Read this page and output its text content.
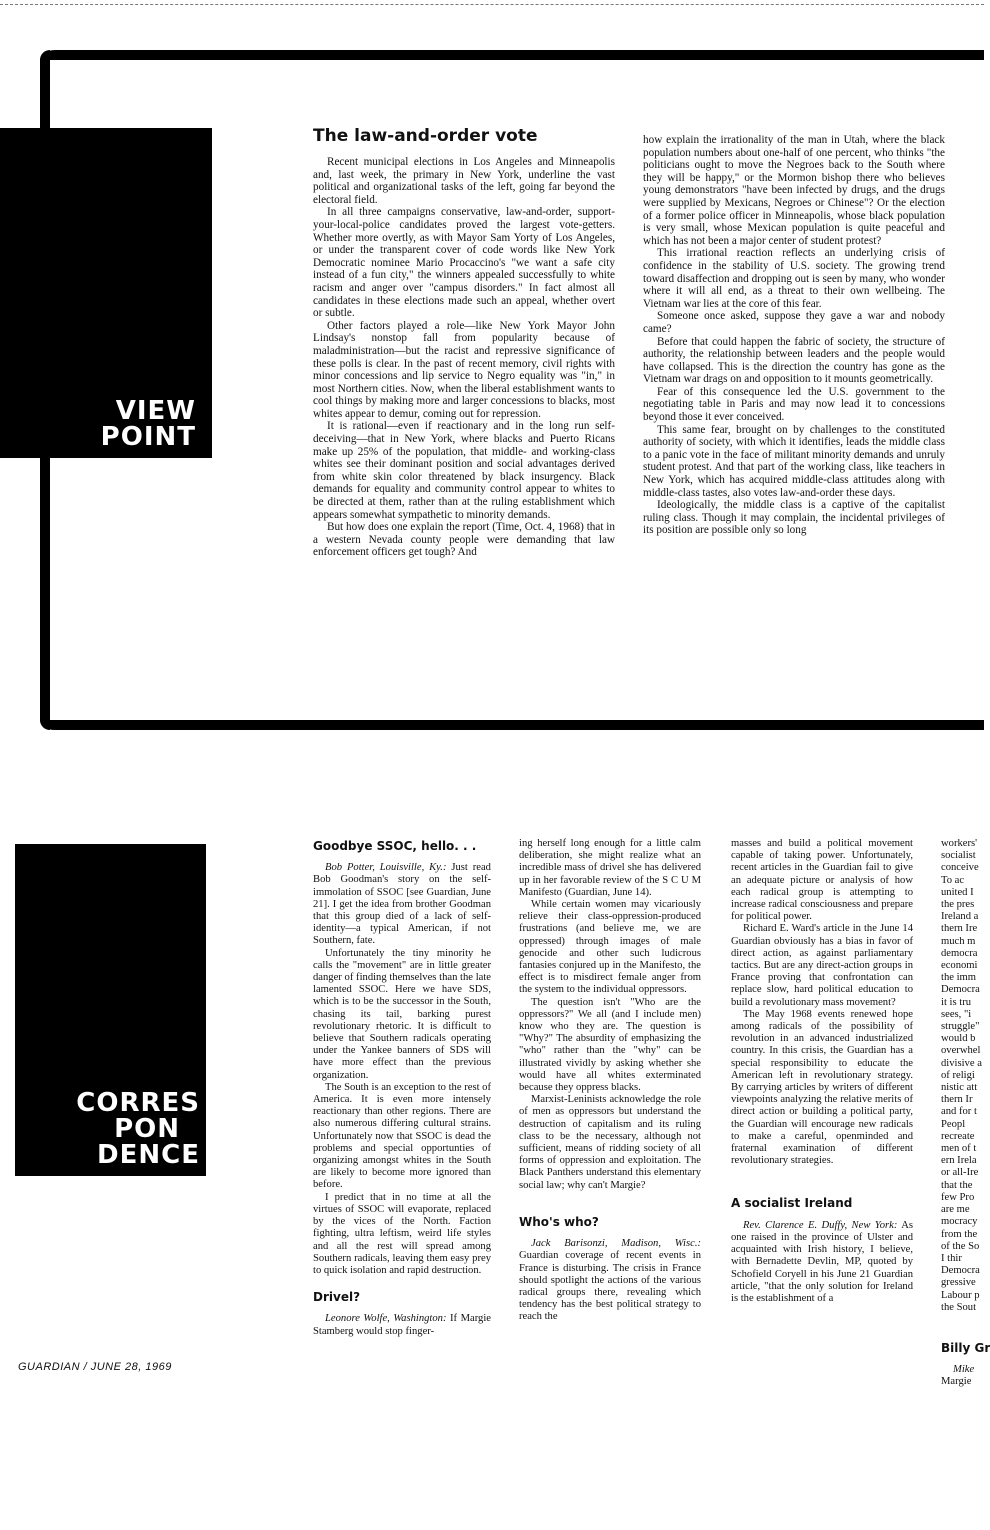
VIEW
POINT
The law-and-order vote

Recent municipal elections in Los Angeles and Minneapolis and, last week, the primary in New York, underline the vast political and organizational tasks of the left, going far beyond the electoral field.

In all three campaigns conservative, law-and-order, support-your-local-police candidates proved the largest vote-getters. Whether more overtly, as with Mayor Sam Yorty of Los Angeles, or under the transparent cover of code words like New York Democratic nominee Mario Procaccino's "we want a safe city instead of a fun city," the winners appealed successfully to white racism and anger over "campus disorders." In fact almost all candidates in these elections made such an appeal, whether overt or subtle.

Other factors played a role—like New York Mayor John Lindsay's nonstop fall from popularity because of maladministration—but the racist and repressive significance of these polls is clear. In the past of recent memory, civil rights with minor concessions and lip service to Negro equality was "in," in most Northern cities. Now, when the liberal establishment wants to cool things by making more and larger concessions to blacks, most whites appear to demur, coming out for repression.

It is rational—even if reactionary and in the long run self-deceiving—that in New York, where blacks and Puerto Ricans make up 25% of the population, that middle- and working-class whites see their dominant position and social advantages derived from white skin color threatened by black insurgency. Black demands for equality and community control appear to whites to be directed at them, rather than at the ruling establishment which appears somewhat sympathetic to minority demands.

But how does one explain the report (Time, Oct. 4, 1968) that in a western Nevada county people were demanding that law enforcement officers get tough? And

how explain the irrationality of the man in Utah, where the black population numbers about one-half of one percent, who thinks "the politicians ought to move the Negroes back to the South where they will be happy," or the Mormon bishop there who believes young demonstrators "have been infected by drugs, and the drugs were supplied by Mexicans, Negroes or Chinese"? Or the election of a former police officer in Minneapolis, whose black population is very small, whose Mexican population is quite peaceful and which has not been a major center of student protest?

This irrational reaction reflects an underlying crisis of confidence in the stability of U.S. society. The growing trend toward disaffection and dropping out is seen by many, who wonder where it will all end, as a threat to their own wellbeing. The Vietnam war lies at the core of this fear.

Someone once asked, suppose they gave a war and nobody came?

Before that could happen the fabric of society, the structure of authority, the relationship between leaders and the people would have collapsed. This is the direction the country has gone as the Vietnam war drags on and opposition to it mounts geometrically.

Fear of this consequence led the U.S. government to the negotiating table in Paris and may now lead it to concessions beyond those it ever conceived.

This same fear, brought on by challenges to the constituted authority of society, with which it identifies, leads the middle class to a panic vote in the face of militant minority demands and unruly student protest. And that part of the working class, like teachers in New York, which has acquired middle-class attitudes along with middle-class tastes, also votes law-and-order these days.

Ideologically, the middle class is a captive of the capitalist ruling class. Though it may complain, the incidental privileges of its position are possible only so long

CORRES
PON
DENCE
GUARDIAN / JUNE 28, 1969
Goodbye SSOC, hello. . .

Bob Potter, Louisville, Ky.: Just read Bob Goodman's story on the self-immolation of SSOC [see Guardian, June 21]. I get the idea from brother Goodman that this group died of a lack of self-identity—a typical American, if not Southern, fate.

Unfortunately the tiny minority he calls the "movement" are in little greater danger of finding themselves than the late lamented SSOC. Here we have SDS, which is to be the successor in the South, chasing its tail, barking purest revolutionary rhetoric. It is difficult to believe that Southern radicals operating under the Yankee banners of SDS will have more effect than the previous organization.

The South is an exception to the rest of America. It is even more intensely reactionary than other regions. There are also numerous differing cultural strains. Unfortunately now that SSOC is dead the problems and special opportunties of organizing amongst whites in the South are likely to become more ignored than before.

I predict that in no time at all the virtues of SSOC will evaporate, replaced by the vices of the North. Faction fighting, ultra leftism, weird life styles and all the rest will spread among Southern radicals, leaving them easy prey to quick isolation and rapid destruction.

Drivel?

Leonore Wolfe, Washington: If Margie Stamberg would stop finger-

ing herself long enough for a little calm deliberation, she might realize what an incredible mass of drivel she has delivered up in her favorable review of the S C U M Manifesto (Guardian, June 14).

While certain women may vicariously relieve their class-oppression-produced frustrations (and believe me, we are oppressed) through images of male genocide and other such ludicrous fantasies conjured up in the Manifesto, the effect is to misdirect female anger from the system to the individual oppressors.

The question isn't "Who are the oppressors?" We all (and I include men) know who they are. The question is "Why?" The absurdity of emphasizing the "who" rather than the "why" can be illustrated vividly by asking whether she would have all whites exterminated because they oppress blacks.

Marxist-Leninists acknowledge the role of men as oppressors but understand the destruction of capitalism and its ruling class to be the necessary, although not sufficient, means of ridding society of all forms of oppression and exploitation. The Black Panthers understand this elementary social law; why can't Margie?

Who's who?

Jack Barisonzi, Madison, Wisc.: Guardian coverage of recent events in France is disturbing. The crisis in France should spotlight the actions of the various radical groups there, revealing which tendency has the best political strategy to reach the

masses and build a political movement capable of taking power. Unfortunately, recent articles in the Guardian fail to give an adequate picture or analysis of how each radical group is attempting to increase radical consciousness and prepare for political power.

Richard E. Ward's article in the June 14 Guardian obviously has a bias in favor of direct action, as against parliamentary tactics. But are any direct-action groups in France proving that confrontation can replace slow, hard political education to build a revolutionary mass movement?

The May 1968 events renewed hope among radicals of the possibility of revolution in an advanced industrialized country. In this crisis, the Guardian has a special responsibility to educate the American left in revolutionary strategy. By carrying articles by writers of different viewpoints analyzing the relative merits of direct action or building a political party, the Guardian will encourage new radicals to make a careful, openminded and fraternal examination of different revolutionary strategies.

A socialist Ireland

Rev. Clarence E. Duffy, New York: As one raised in the province of Ulster and acquainted with Irish history, I believe, with Bernadette Devlin, MP, quoted by Schofield Coryell in his June 21 Guardian article, "that the only solution for Ireland is the establishment of a

workers'
socialist
conceive
To ac
united I
the pres
Ireland a
thern Ire
much m
democra
economi
the imm
Democra
it is tru
sees, "i
struggle"
would b
overwhel
divisive a
of religi
nistic att
thern Ir
and for t
Peopl
recreate
men of t
ern Irela
or all-Ire
that the
few Pro
are me
mocracy
from the
of the So
I thir
Democra
gressive
Labour p
the Sout
Billy Gr
Mike
Margie
